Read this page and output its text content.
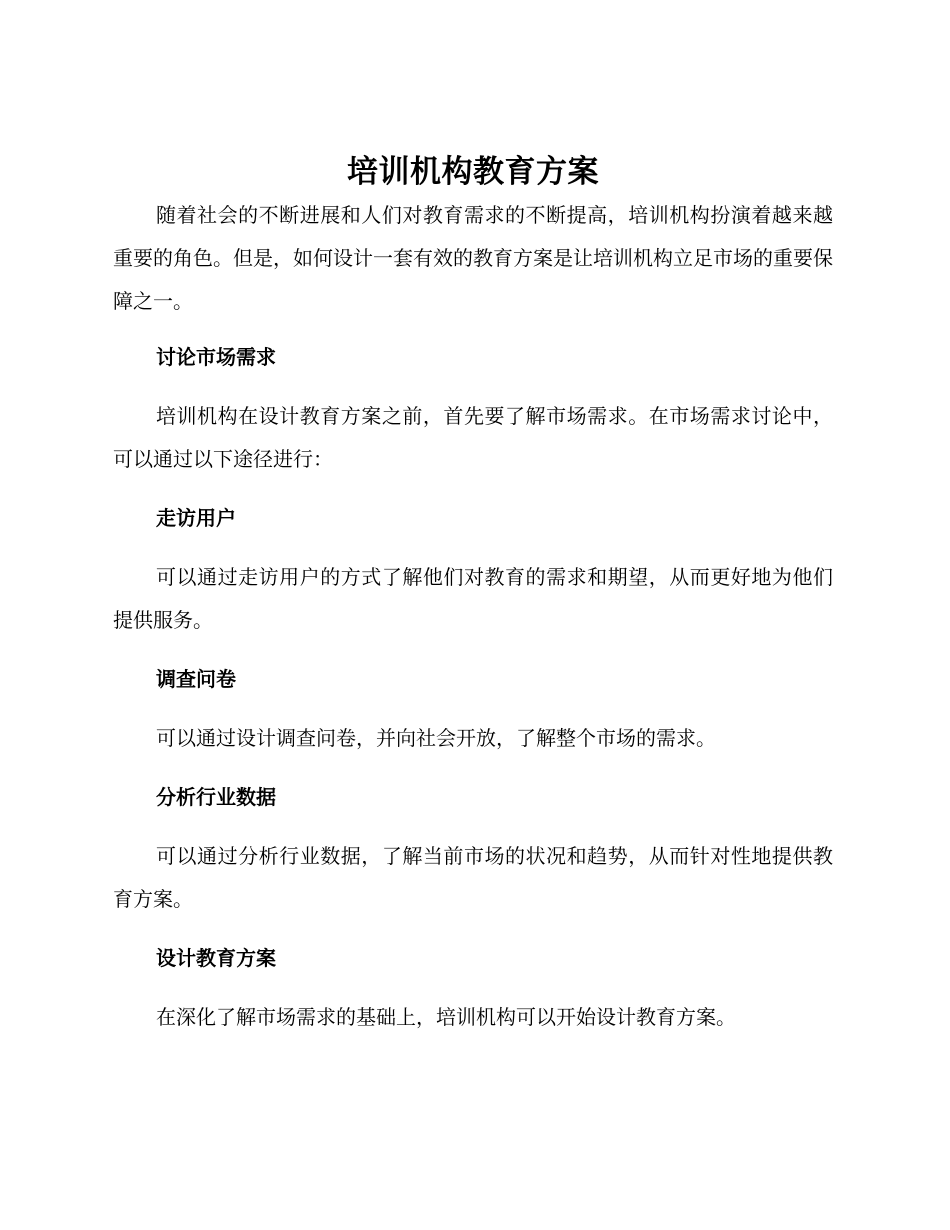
培训机构教育方案

随着社会的不断进展和人们对教育需求的不断提高，培训机构扮演着越来越重要的角色。但是，如何设计一套有效的教育方案是让培训机构立足市场的重要保障之一。

讨论市场需求

培训机构在设计教育方案之前，首先要了解市场需求。在市场需求讨论中，可以通过以下途径进行：

走访用户

可以通过走访用户的方式了解他们对教育的需求和期望，从而更好地为他们提供服务。

调查问卷

可以通过设计调查问卷，并向社会开放，了解整个市场的需求。

分析行业数据

可以通过分析行业数据，了解当前市场的状况和趋势，从而针对性地提供教育方案。

设计教育方案

在深化了解市场需求的基础上，培训机构可以开始设计教育方案。
